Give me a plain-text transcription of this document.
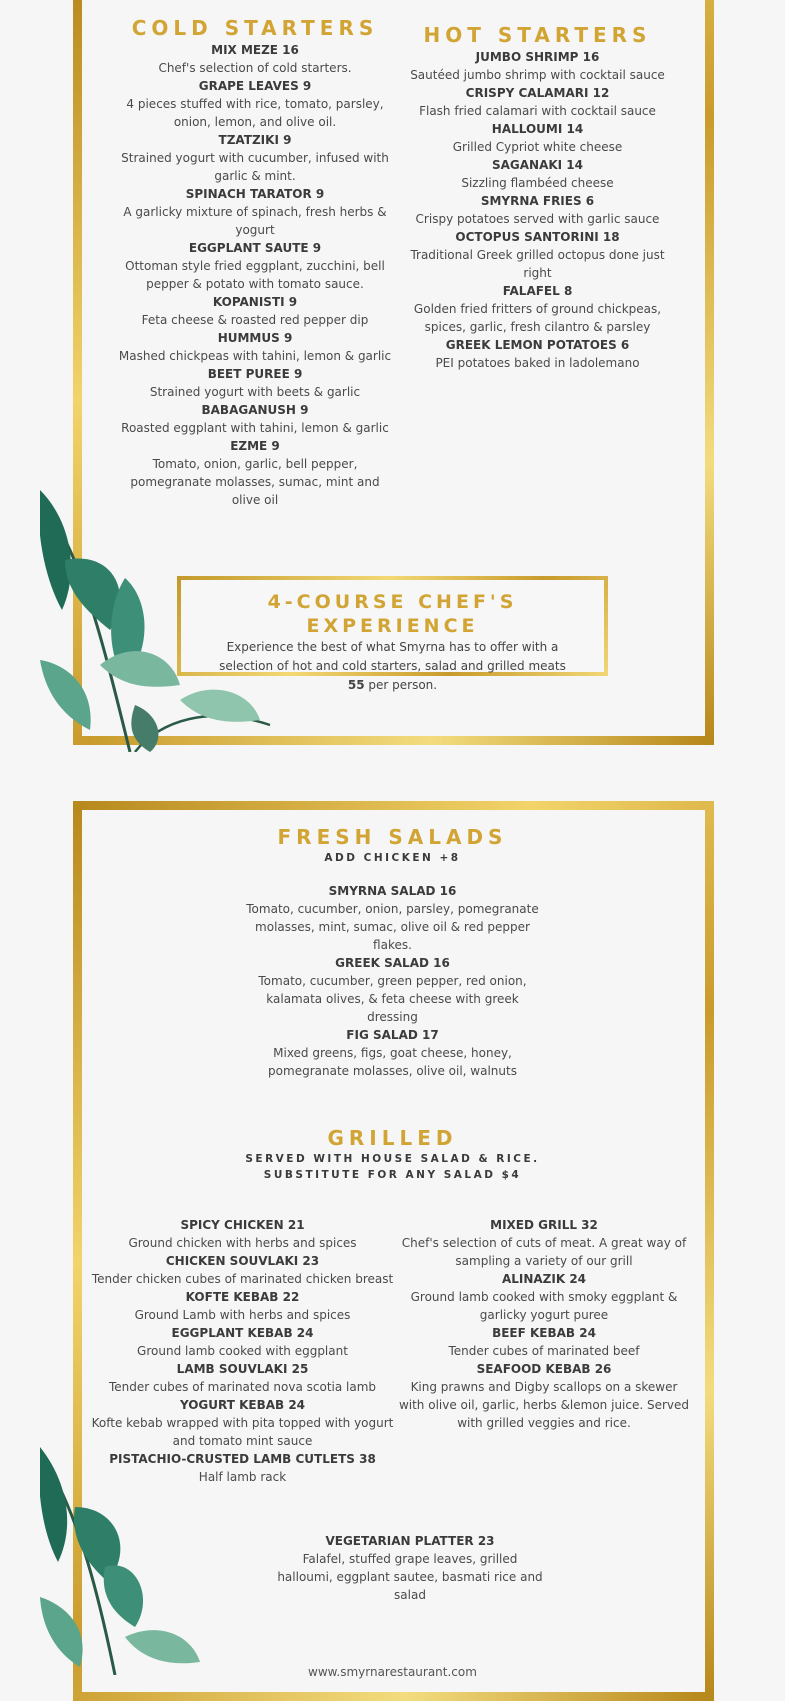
COLD STARTERS
MIX MEZE 16
Chef's selection of cold starters.
GRAPE LEAVES 9
4 pieces stuffed with rice, tomato, parsley, onion, lemon, and olive oil.
TZATZIKI 9
Strained yogurt with cucumber, infused with garlic & mint.
SPINACH TARATOR 9
A garlicky mixture of spinach, fresh herbs & yogurt
EGGPLANT SAUTE 9
Ottoman style fried eggplant, zucchini, bell pepper & potato with tomato sauce.
KOPANISTI 9
Feta cheese & roasted red pepper dip
HUMMUS 9
Mashed chickpeas with tahini, lemon & garlic
BEET PUREE 9
Strained yogurt with beets & garlic
BABAGANUSH 9
Roasted eggplant with tahini, lemon & garlic
EZME 9
Tomato, onion, garlic, bell pepper, pomegranate molasses, sumac, mint and olive oil
HOT STARTERS
JUMBO SHRIMP 16
Sautéed jumbo shrimp with cocktail sauce
CRISPY CALAMARI 12
Flash fried calamari with cocktail sauce
HALLOUMI 14
Grilled Cypriot white cheese
SAGANAKI 14
Sizzling flambéed cheese
SMYRNA FRIES 6
Crispy potatoes served with garlic sauce
OCTOPUS SANTORINI 18
Traditional Greek grilled octopus done just right
FALAFEL 8
Golden fried fritters of ground chickpeas, spices, garlic, fresh cilantro & parsley
GREEK LEMON POTATOES 6
PEI potatoes baked in ladolemano
4-COURSE CHEF'S EXPERIENCE
Experience the best of what Smyrna has to offer with a
selection of hot and cold starters, salad and grilled meats
55 per person.
FRESH SALADS
ADD CHICKEN +8
SMYRNA SALAD 16
Tomato, cucumber, onion, parsley, pomegranate molasses, mint, sumac, olive oil & red pepper flakes.
GREEK SALAD 16
Tomato, cucumber, green pepper, red onion, kalamata olives, & feta cheese with greek dressing
FIG SALAD 17
Mixed greens, figs, goat cheese, honey, pomegranate molasses, olive oil, walnuts
GRILLED
SERVED WITH HOUSE SALAD & RICE.
SUBSTITUTE FOR ANY SALAD $4
SPICY CHICKEN 21
Ground chicken with herbs and spices
CHICKEN SOUVLAKI 23
Tender chicken cubes of marinated chicken breast
KOFTE KEBAB 22
Ground Lamb with herbs and spices
EGGPLANT KEBAB 24
Ground lamb cooked with eggplant
LAMB SOUVLAKI 25
Tender cubes of marinated nova scotia lamb
YOGURT KEBAB 24
Kofte kebab wrapped with pita topped with yogurt and tomato mint sauce
PISTACHIO-CRUSTED LAMB CUTLETS 38
Half lamb rack
MIXED GRILL 32
Chef's selection of cuts of meat. A great way of sampling a variety of our grill
ALINAZIK 24
Ground lamb cooked with smoky eggplant & garlicky yogurt puree
BEEF KEBAB 24
Tender cubes of marinated beef
SEAFOOD KEBAB 26
King prawns and Digby scallops on a skewer with olive oil, garlic, herbs &lemon juice. Served with grilled veggies and rice.
VEGETARIAN PLATTER 23
Falafel, stuffed grape leaves, grilled halloumi, eggplant sautee, basmati rice and salad
www.smyrnarestaurant.com
